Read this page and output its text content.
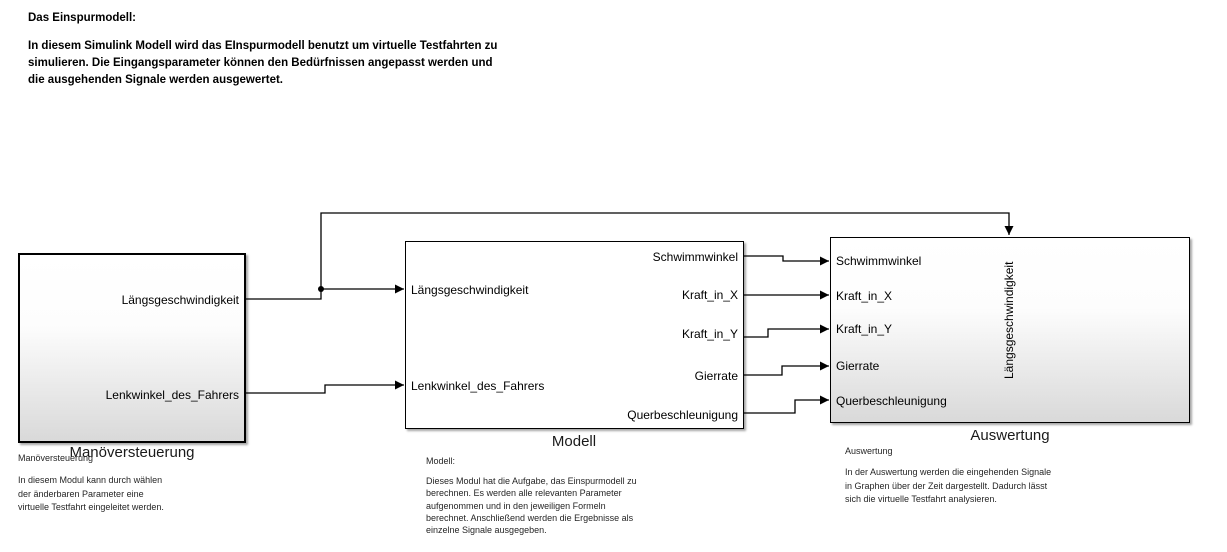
Das Einspurmodell:
In diesem Simulink Modell wird das EInspurmodell benutzt um virtuelle Testfahrten zu
simulieren. Die Eingangsparameter können den Bedürfnissen angepasst werden und
die ausgehenden Signale werden ausgewertet.
Längsgeschwindigkeit
Lenkwinkel_des_Fahrers
Längsgeschwindigkeit
Lenkwinkel_des_Fahrers
Schwimmwinkel
Kraft_in_X
Kraft_in_Y
Gierrate
Querbeschleunigung
Schwimmwinkel
Kraft_in_X
Kraft_in_Y
Gierrate
Querbeschleunigung
Längsgeschwindigkeit
Manöversteuerung
Modell	Auswertung
Manöversteuerung
In diesem Modul kann durch wählen
der änderbaren Parameter eine
virtuelle Testfahrt eingeleitet werden.
Modell:
Dieses Modul hat die Aufgabe, das Einspurmodell zu
berechnen. Es werden alle relevanten Parameter
aufgenommen und in den jeweiligen Formeln
berechnet. Anschließend werden die Ergebnisse als
einzelne Signale ausgegeben.
Auswertung
In der Auswertung werden die eingehenden Signale
in Graphen über der Zeit dargestellt. Dadurch lässt
sich die virtuelle Testfahrt analysieren.
